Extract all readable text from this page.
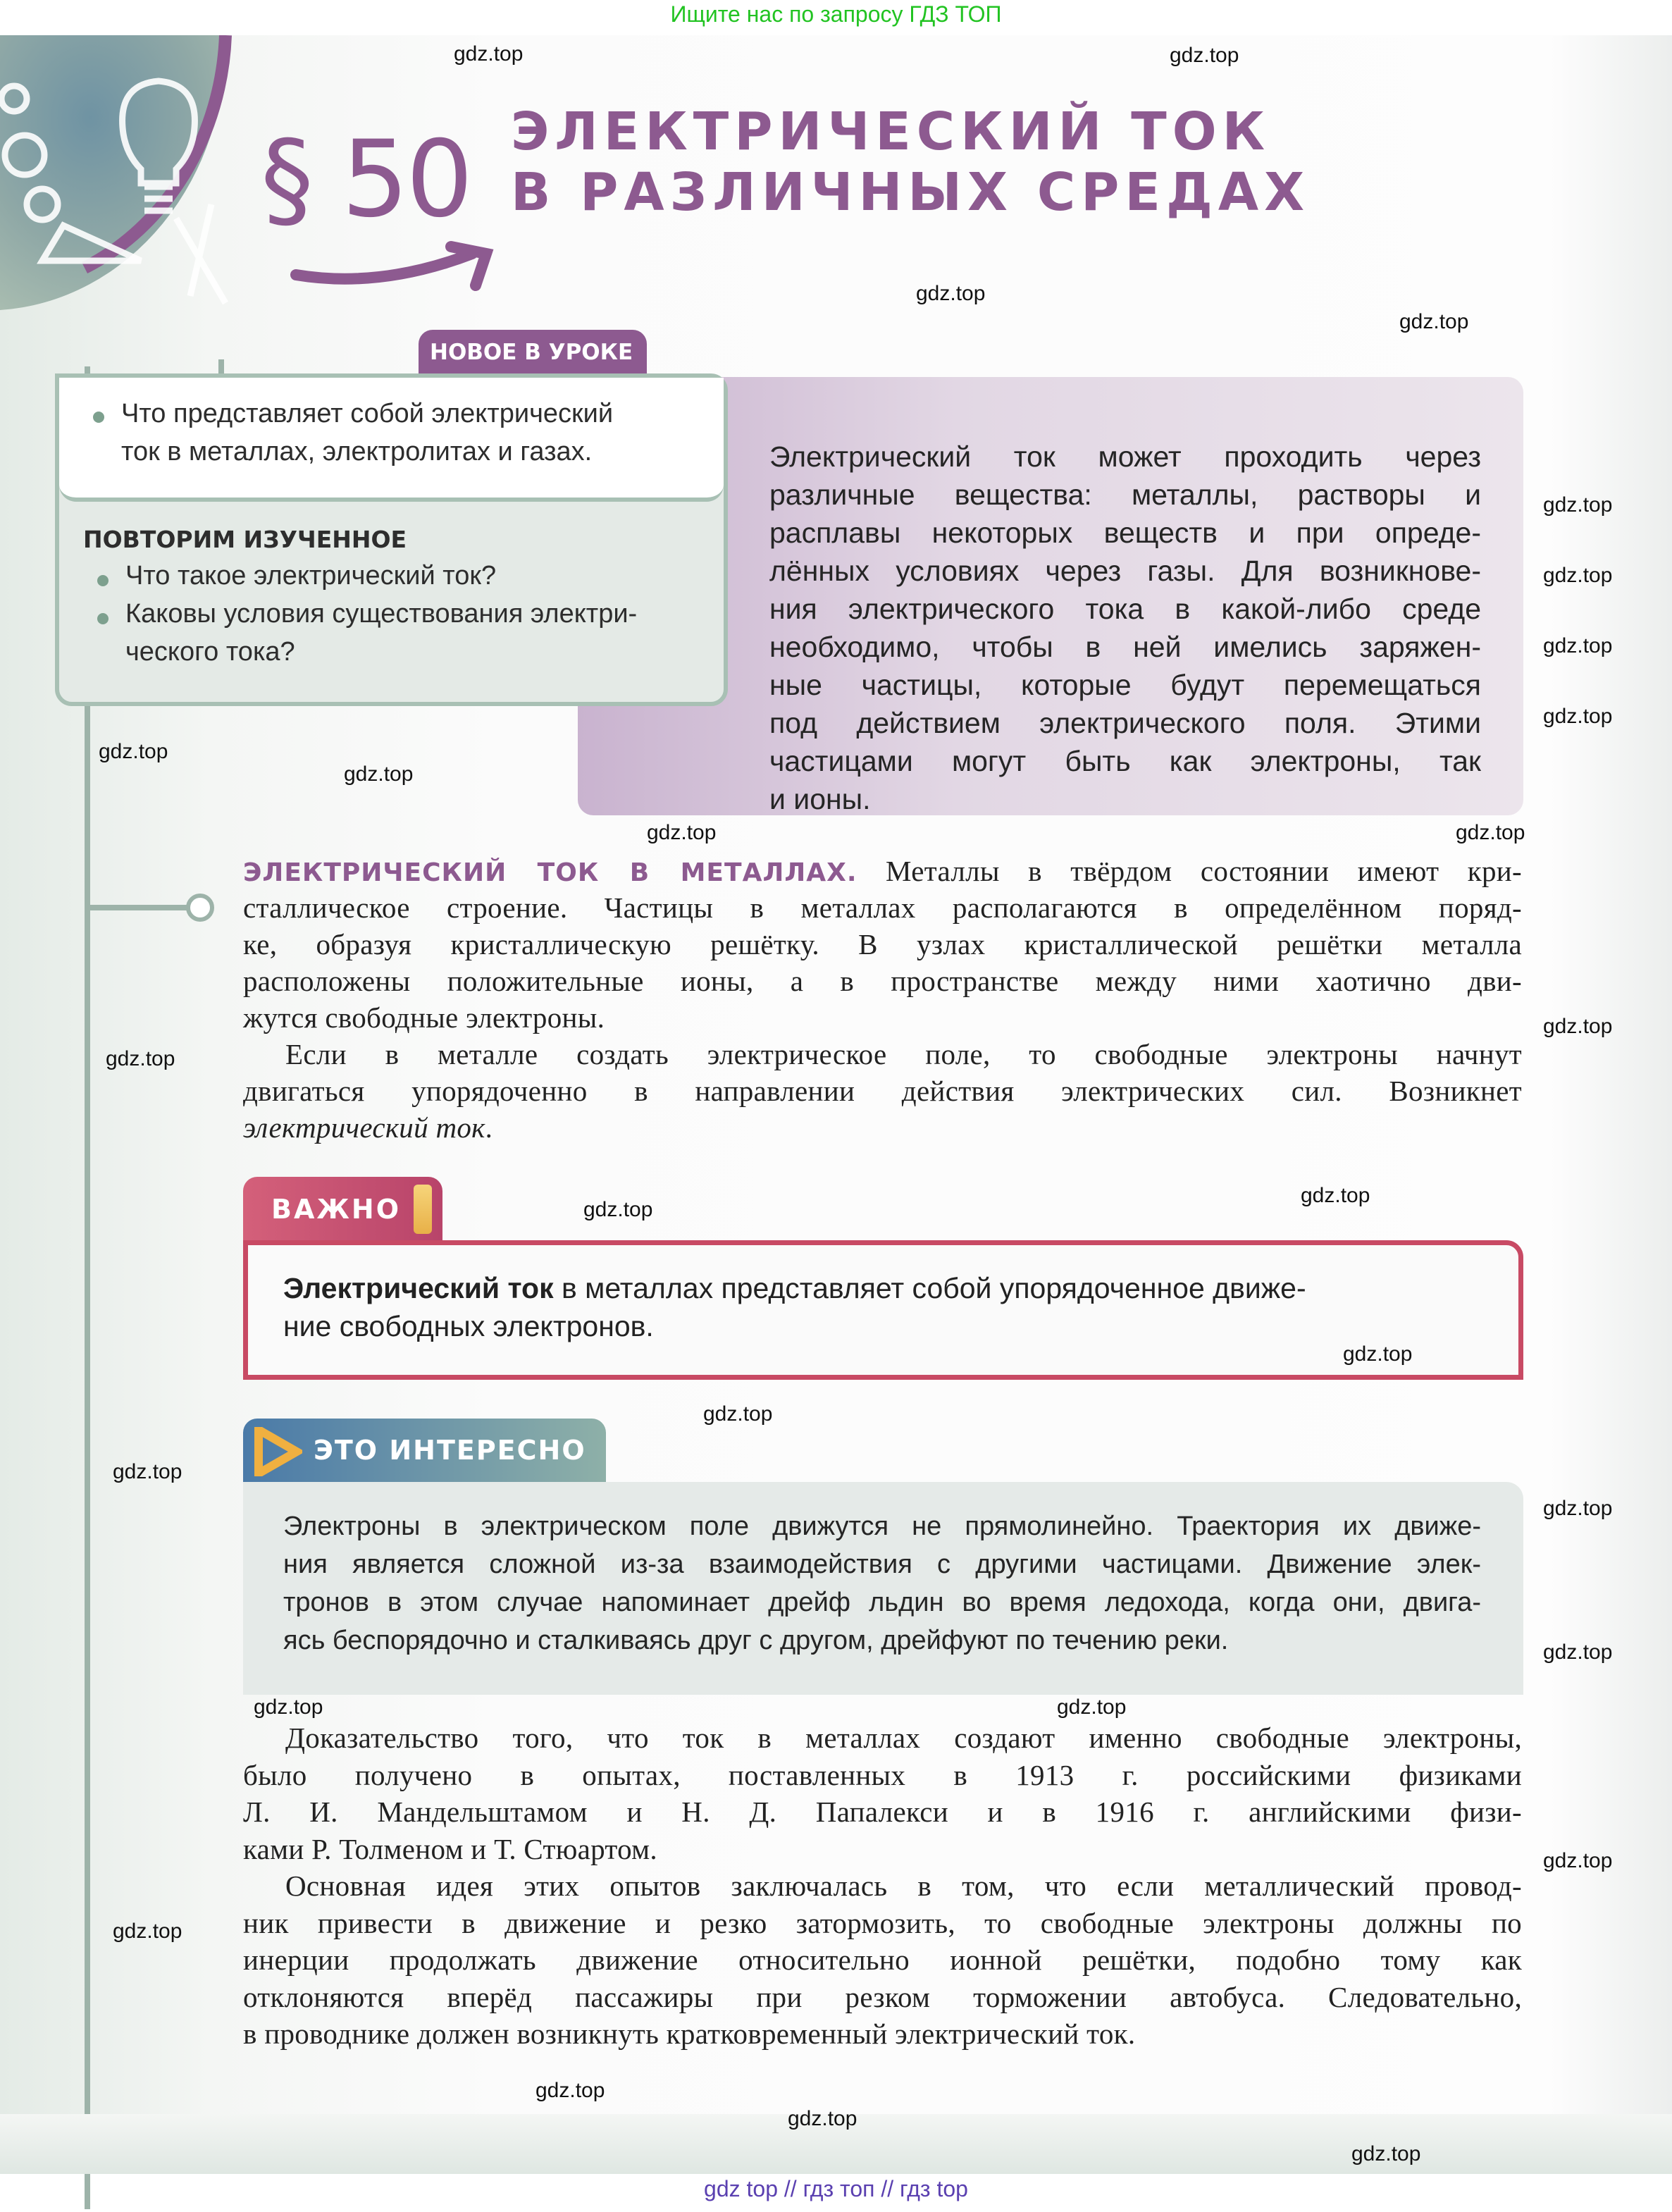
Ищите нас по запросу ГДЗ ТОП
§ 50 ЭЛЕКТРИЧЕСКИЙ ТОК
В РАЗЛИЧНЫХ СРЕДАХ
НОВОЕ В УРОКЕ
Что представляет собой электрический
ток в металлах, электролитах и газах.
ПОВТОРИМ ИЗУЧЕННОЕ
Что такое электрический ток?
Каковы условия существования электри-
ческого тока?
Электрический ток может проходить через
различные вещества: металлы, растворы и
расплавы некоторых веществ и при опреде-
лённых условиях через газы. Для возникнове-
ния электрического тока в какой-либо среде
необходимо, чтобы в ней имелись заряжен-
ные частицы, которые будут перемещаться
под действием электрического поля. Этими
частицами могут быть как электроны, так
и ионы.
ЭЛЕКТРИЧЕСКИЙ ТОК В МЕТАЛЛАХ. Металлы в твёрдом состоянии имеют кри-
сталлическое строение. Частицы в металлах располагаются в определённом поряд-
ке, образуя кристаллическую решётку. В узлах кристаллической решётки металла
расположены положительные ионы, а в пространстве между ними хаотично дви-
жутся свободные электроны.
Если в металле создать электрическое поле, то свободные электроны начнут
двигаться упорядоченно в направлении действия электрических сил. Возникнет
электрический ток.
ВАЖНО
Электрический ток в металлах представляет собой упорядоченное движе-
ние свободных электронов.
ЭТО ИНТЕРЕСНО
Электроны в электрическом поле движутся не прямолинейно. Траектория их движе-
ния является сложной из-за взаимодействия с другими частицами. Движение элек-
тронов в этом случае напоминает дрейф льдин во время ледохода, когда они, двига-
ясь беспорядочно и сталкиваясь друг с другом, дрейфуют по течению реки.
Доказательство того, что ток в металлах создают именно свободные электроны,
было получено в опытах, поставленных в 1913 г. российскими физиками
Л. И. Мандельштамом и Н. Д. Папалекси и в 1916 г. английскими физи-
ками Р. Толменом и Т. Стюартом.
Основная идея этих опытов заключалась в том, что если металлический провод-
ник привести в движение и резко затормозить, то свободные электроны должны по
инерции продолжать движение относительно ионной решётки, подобно тому как
отклоняются вперёд пассажиры при резком торможении автобуса. Следовательно,
в проводнике должен возникнуть кратковременный электрический ток.
gdz.top	gdz.top
gdz.top
gdz.top
gdz.top
gdz.top
gdz.top
gdz.top
gdz.top
gdz.top
gdz.top
gdz.top
gdz.top
gdz.top
gdz.top
gdz.top
gdz.top
gdz.top
gdz.top
gdz.top
gdz.top
gdz.top	gdz.top
gdz.top
gdz.top
gdz.top
gdz.top
gdz.top
gdz top // гдз топ // гдз top
